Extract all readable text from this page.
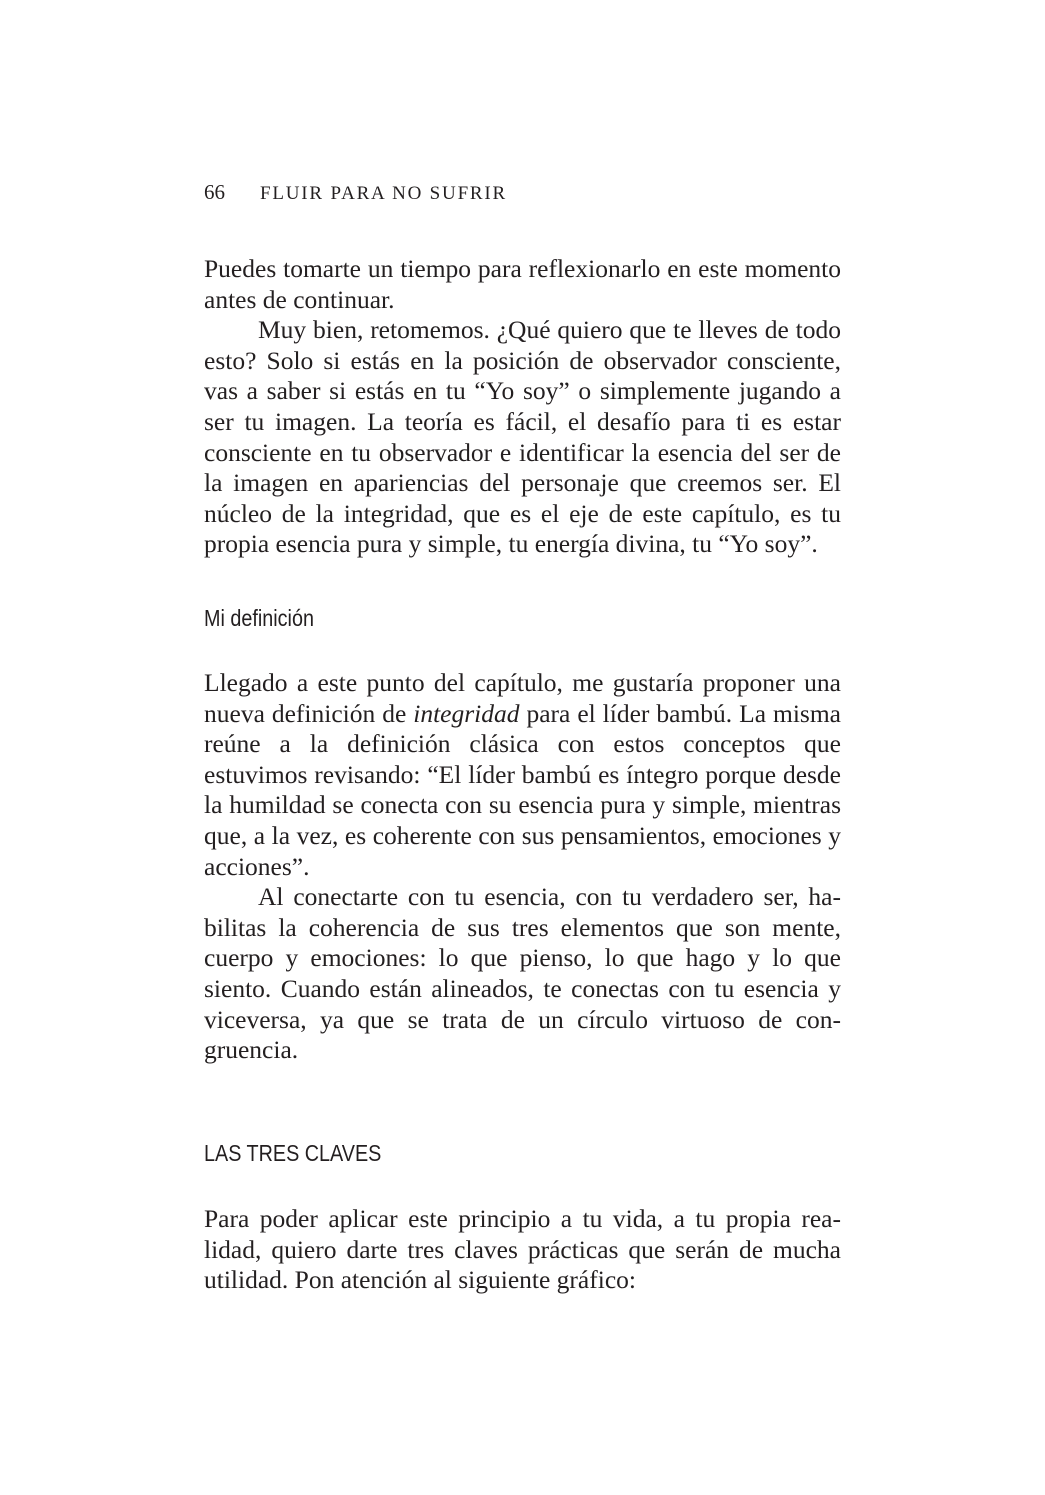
66 FLUIR PARA NO SUFRIR

Puedes tomarte un tiempo para reflexionarlo en este momento antes de continuar.

Muy bien, retomemos. ¿Qué quiero que te lleves de todo esto? Solo si estás en la posición de observador consciente, vas a saber si estás en tu “Yo soy” o simplemente jugando a ser tu imagen. La teoría es fácil, el desafío para ti es estar consciente en tu observador e identificar la esencia del ser de la imagen en apariencias del personaje que creemos ser. El núcleo de la integridad, que es el eje de este capítulo, es tu propia esencia pura y simple, tu energía divina, tu “Yo soy”.

Mi definición

Llegado a este punto del capítulo, me gustaría proponer una nueva definición de integridad para el líder bambú. La misma reúne a la definición clásica con estos conceptos que estuvimos revisando: “El líder bambú es íntegro porque desde la humildad se conecta con su esencia pura y simple, mientras que, a la vez, es coherente con sus pensamientos, emociones y acciones”.

Al conectarte con tu esencia, con tu verdadero ser, habilitas la coherencia de sus tres elementos que son mente, cuerpo y emociones: lo que pienso, lo que hago y lo que siento. Cuando están alineados, te conectas con tu esencia y viceversa, ya que se trata de un círculo virtuoso de congruencia.

LAS TRES CLAVES

Para poder aplicar este principio a tu vida, a tu propia realidad, quiero darte tres claves prácticas que serán de mucha utilidad. Pon atención al siguiente gráfico:
